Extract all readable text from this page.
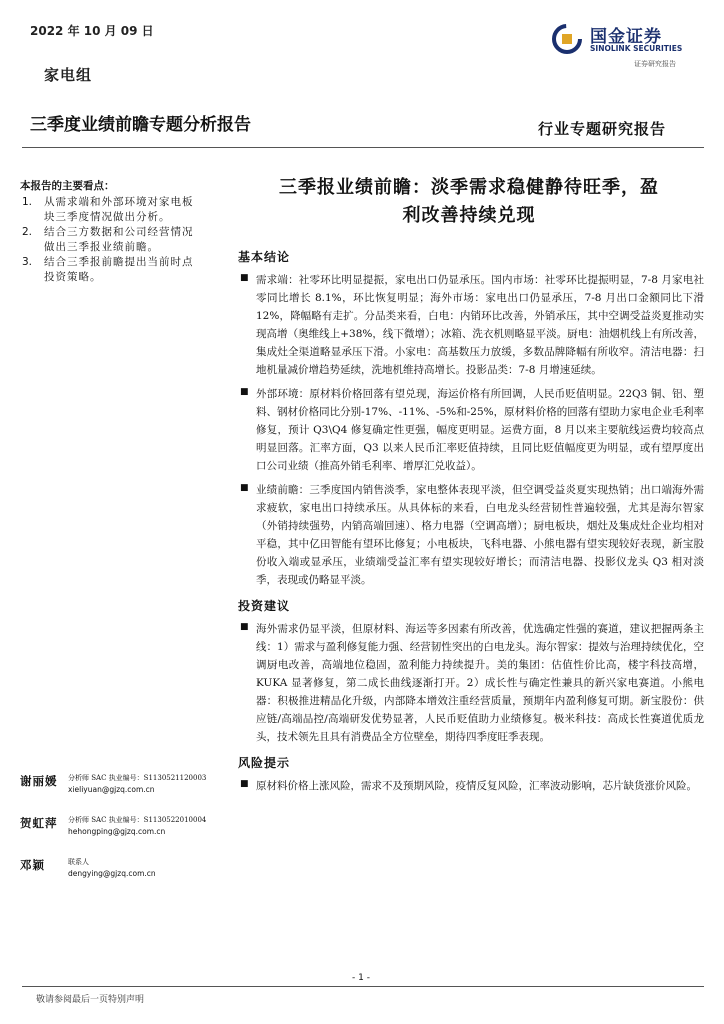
2022 年 10 月 09 日	国金证券
SINOLINK SECURITIES
证券研究报告
家电组
三季度业绩前瞻专题分析报告	行业专题研究报告
本报告的主要看点：
1.	从需求端和外部环境对家电板块三季度情况做出分析。
2.	结合三方数据和公司经营情况做出三季报业绩前瞻。
3.	结合三季报前瞻提出当前时点投资策略。
谢丽媛 分析师 SAC 执业编号：S1130521120003
xieliyuan@gjzq.com.cn
贺虹萍 分析师 SAC 执业编号：S1130522010004
hehongping@gjzq.com.cn
邓颖	联系人
dengying@gjzq.com.cn
三季报业绩前瞻：淡季需求稳健静待旺季，盈
利改善持续兑现
基本结论
■ 需求端：社零环比明显提振，家电出口仍显承压。国内市场：社零环比提振明显，7-8 月家电社零同比增长 8.1%，环比恢复明显；海外市场：家电出口仍显承压，7-8 月出口金额同比下滑 12%，降幅略有走扩。分品类来看，白电：内销环比改善，外销承压，其中空调受益炎夏推动实现高增（奥维线上+38%，线下微增）；冰箱、洗衣机则略显平淡。厨电：油烟机线上有所改善，集成灶全渠道略显承压下滑。小家电：高基数压力放缓，多数品牌降幅有所收窄。清洁电器：扫地机量减价增趋势延续，洗地机维持高增长。投影品类：7-8 月增速延续。
■ 外部环境：原材料价格回落有望兑现，海运价格有所回调，人民币贬值明显。22Q3 铜、铝、塑料、钢材价格同比分别-17%、-11%、-5%和-25%，原材料价格的回落有望助力家电企业毛利率修复，预计 Q3\Q4 修复确定性更强，幅度更明显。运费方面，8 月以来主要航线运费均较高点明显回落。汇率方面，Q3 以来人民币汇率贬值持续，且同比贬值幅度更为明显，或有望厚度出口公司业绩（推高外销毛利率、增厚汇兑收益）。
■ 业绩前瞻：三季度国内销售淡季，家电整体表现平淡，但空调受益炎夏实现热销；出口端海外需求疲软，家电出口持续承压。从具体标的来看，白电龙头经营韧性普遍较强，尤其是海尔智家（外销持续强势，内销高端回速）、格力电器（空调高增）；厨电板块，烟灶及集成灶企业均相对平稳，其中亿田智能有望环比修复；小电板块，飞科电器、小熊电器有望实现较好表现，新宝股份收入端或显承压，业绩端受益汇率有望实现较好增长；而清洁电器、投影仪龙头 Q3 相对淡季，表现或仍略显平淡。
投资建议
■ 海外需求仍显平淡，但原材料、海运等多因素有所改善，优选确定性强的赛道，建议把握两条主线：1）需求与盈利修复能力强、经营韧性突出的白电龙头。海尔智家：提效与治理持续优化，空调厨电改善，高端地位稳固，盈利能力持续提升。美的集团：估值性价比高，楼宇科技高增，KUKA 显著修复，第二成长曲线逐渐打开。2）成长性与确定性兼具的新兴家电赛道。小熊电器：积极推进精品化升级，内部降本增效注重经营质量，预期年内盈利修复可期。新宝股份：供应链/高端品控/高端研发优势显著，人民币贬值助力业绩修复。极米科技：高成长性赛道优质龙头，技术领先且具有消费品全方位壁垒，期待四季度旺季表现。
风险提示
■ 原材料价格上涨风险，需求不及预期风险，疫情反复风险，汇率波动影响，芯片缺货涨价风险。
- 1 -
敬请参阅最后一页特别声明
